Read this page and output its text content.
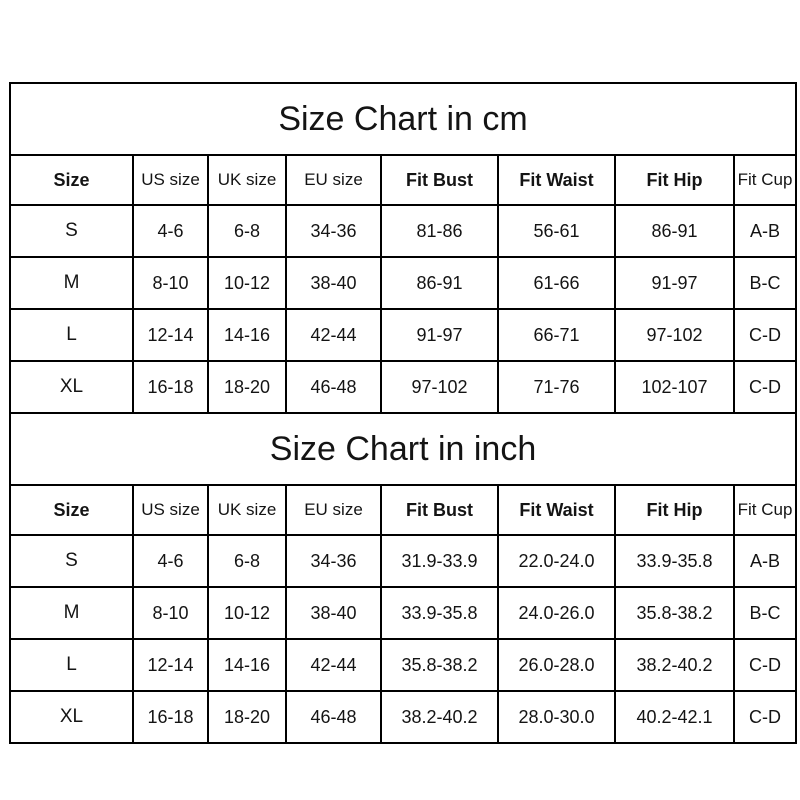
Size Chart in cm							
Size	US size	UK size	EU size	Fit Bust	Fit Waist	Fit Hip	Fit Cup
S	4-6	6-8	34-36	81-86	56-61	86-91	A-B
M	8-10	10-12	38-40	86-91	61-66	91-97	B-C
L	12-14	14-16	42-44	91-97	66-71	97-102	C-D
XL	16-18	18-20	46-48	97-102	71-76	102-107	C-D
Size Chart in inch							
Size	US size	UK size	EU size	Fit Bust	Fit Waist	Fit Hip	Fit Cup
S	4-6	6-8	34-36	31.9-33.9	22.0-24.0	33.9-35.8	A-B
M	8-10	10-12	38-40	33.9-35.8	24.0-26.0	35.8-38.2	B-C
L	12-14	14-16	42-44	35.8-38.2	26.0-28.0	38.2-40.2	C-D
XL	16-18	18-20	46-48	38.2-40.2	28.0-30.0	40.2-42.1	C-D
